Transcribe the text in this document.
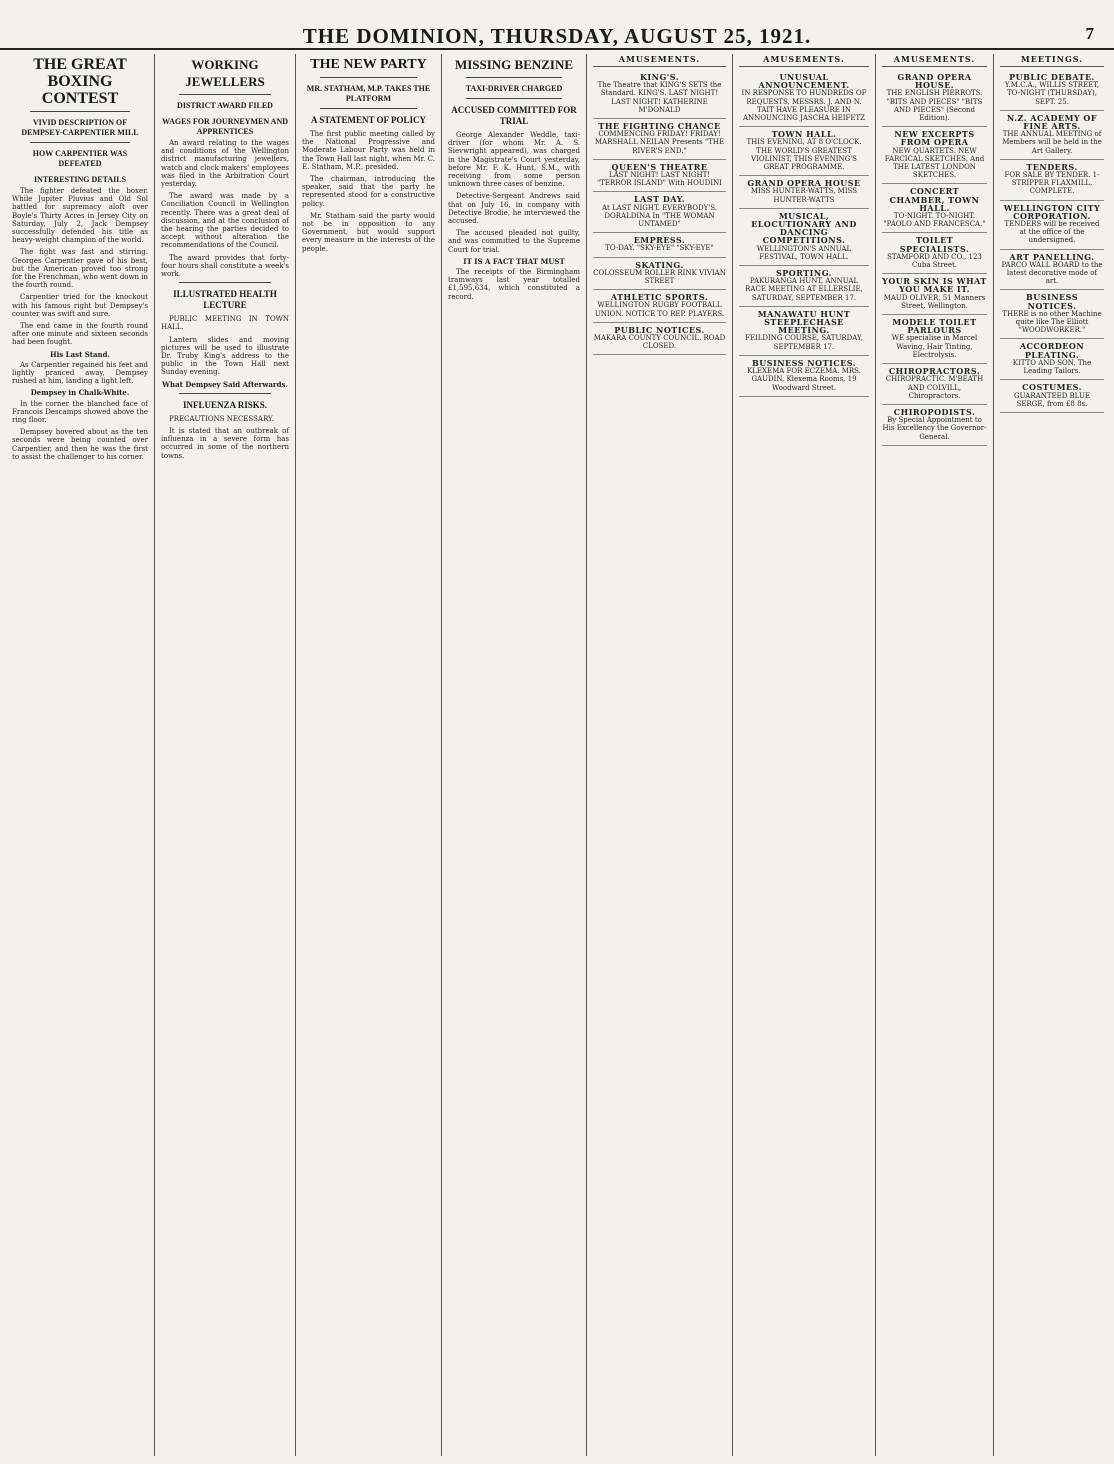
THE DOMINION, THURSDAY, AUGUST 25, 1921.	7
THE GREAT BOXING CONTEST
VIVID DESCRIPTION OF DEMPSEY-CARPENTIER MILL
HOW CARPENTIER WAS DEFEATED
INTERESTING DETAILS

The fighter defeated the boxer. While Jupiter Pluvius and Old Sol battled for supremacy aloft over Boyle's Thirty Acres in Jersey City on Saturday, July 2, Jack Dempsey successfully defended his title as heavy-weight champion of the world.

The fight was fast and stirring. Georges Carpentier gave of his best, but the American proved too strong for the Frenchman, who went down in the fourth round.

Carpentier tried for the knockout with his famous right but Dempsey's counter was swift and sure.

The end came in the fourth round after one minute and sixteen seconds had been fought.

His Last Stand.

As Carpentier regained his feet and lightly pranced away, Dempsey rushed at him, landing a light left.

Dempsey in Chalk-White.

In the corner the blanched face of Francois Descamps showed above the ring floor.

Dempsey hovered about as the ten seconds were being counted over Carpentier, and then he was the first to assist the challenger to his corner.

WORKING JEWELLERS
DISTRICT AWARD FILED
WAGES FOR JOURNEYMEN AND APPRENTICES

An award relating to the wages and conditions of the Wellington district manufacturing jewellers, watch and clock makers' employees was filed in the Arbitration Court yesterday.

The award was made by a Conciliation Council in Wellington recently. There was a great deal of discussion, and at the conclusion of the hearing the parties decided to accept without alteration the recommendations of the Council.

The award provides that forty-four hours shall constitute a week's work.

ILLUSTRATED HEALTH LECTURE

PUBLIC MEETING IN TOWN HALL.

Lantern slides and moving pictures will be used to illustrate Dr. Truby King's address to the public in the Town Hall next Sunday evening.

What Dempsey Said Afterwards.
INFLUENZA RISKS.

PRECAUTIONS NECESSARY.

It is stated that an outbreak of influenza in a severe form has occurred in some of the northern towns.

THE NEW PARTY
MR. STATHAM, M.P. TAKES THE PLATFORM
A STATEMENT OF POLICY

The first public meeting called by the National Progressive and Moderate Labour Party was held in the Town Hall last night, when Mr. C. E. Statham, M.P., presided.

The chairman, introducing the speaker, said that the party he represented stood for a constructive policy.

Mr. Statham said the party would not be in opposition to any Government, but would support every measure in the interests of the people.

MISSING BENZINE
TAXI-DRIVER CHARGED
ACCUSED COMMITTED FOR TRIAL

George Alexander Weddle, taxi-driver (for whom Mr. A. S. Sievwright appeared), was charged in the Magistrate's Court yesterday, before Mr. F. K. Hunt, S.M., with receiving from some person unknown three cases of benzine.

Detective-Sergeant Andrews said that on July 16, in company with Detective Brodie, he interviewed the accused.

The accused pleaded not guilty, and was committed to the Supreme Court for trial.

IT IS A FACT THAT MUST

The receipts of the Birmingham tramways last year totalled £1,595,634, which constituted a record.

AMUSEMENTS.
KING'S.
The Theatre that KING'S SETS the Standard. KING'S. LAST NIGHT! LAST NIGHT! KATHERINE M'DONALD
THE FIGHTING CHANCE
COMMENCING FRIDAY! FRIDAY! MARSHALL NEILAN Presents "THE RIVER'S END."
QUEEN'S THEATRE
LAST NIGHT! LAST NIGHT! "TERROR ISLAND" With HOUDINI
LAST DAY.
At LAST NIGHT. EVERYBODY'S. DORALDINA In "THE WOMAN UNTAMED"
EMPRESS.
TO-DAY. "SKY-EYE" "SKY-EYE"
SKATING.
COLOSSEUM ROLLER RINK VIVIAN STREET
ATHLETIC SPORTS.
WELLINGTON RUGBY FOOTBALL UNION. NOTICE TO REP. PLAYERS.
PUBLIC NOTICES.
MAKARA COUNTY COUNCIL. ROAD CLOSED.
AMUSEMENTS.
UNUSUAL ANNOUNCEMENT.
IN RESPONSE TO HUNDREDS OF REQUESTS, MESSRS. J. AND N. TAIT HAVE PLEASURE IN ANNOUNCING JASCHA HEIFETZ
TOWN HALL.
THIS EVENING, AT 8 O'CLOCK. THE WORLD'S GREATEST VIOLINIST, THIS EVENING'S GREAT PROGRAMME.
GRAND OPERA HOUSE
MISS HUNTER-WATTS, MISS HUNTER-WATTS
MUSICAL, ELOCUTIONARY AND DANCING COMPETITIONS.
WELLINGTON'S ANNUAL FESTIVAL, TOWN HALL.
SPORTING.
PAKURANGA HUNT, ANNUAL RACE MEETING AT ELLERSLIE, SATURDAY, SEPTEMBER 17.
MANAWATU HUNT STEEPLECHASE MEETING.
FEILDING COURSE, SATURDAY, SEPTEMBER 17.
BUSINESS NOTICES.
KLEXEMA FOR ECZEMA. MRS. GAUDIN, Klexema Rooms, 19 Woodward Street.
AMUSEMENTS.
GRAND OPERA HOUSE.
THE ENGLISH PIERROTS. "BITS AND PIECES" "BITS AND PIECES" (Second Edition).
NEW EXCERPTS FROM OPERA
NEW QUARTETS. NEW FARCICAL SKETCHES, And THE LATEST LONDON SKETCHES.
CONCERT CHAMBER, TOWN HALL.
TO-NIGHT. TO-NIGHT. "PAOLO AND FRANCESCA."
TOILET SPECIALISTS.
STAMFORD AND CO., 123 Cuba Street.
YOUR SKIN IS WHAT YOU MAKE IT.
MAUD OLIVER, 51 Manners Street, Wellington.
MODELE TOILET PARLOURS
WE specialise in Marcel Waving, Hair Tinting, Electrolysis.
CHIROPRACTORS.
CHIROPRACTIC. M'BEATH AND COLVILL, Chiropractors.
CHIROPODISTS.
By Special Appointment to His Excellency the Governor-General.
MEETINGS.
PUBLIC DEBATE.
Y.M.C.A., WILLIS STREET, TO-NIGHT (THURSDAY), SEPT. 25.
N.Z. ACADEMY OF FINE ARTS.
THE ANNUAL MEETING of Members will be held in the Art Gallery.
TENDERS.
FOR SALE BY TENDER. 1-STRIPPER FLAXMILL, COMPLETE.
WELLINGTON CITY CORPORATION.
TENDERS will be received at the office of the undersigned.
ART PANELLING.
PARCO WALL BOARD to the latest decorative mode of art.
BUSINESS NOTICES.
THERE is no other Machine quite like The Elliott "WOODWORKER."
ACCORDEON PLEATING.
KITTO AND SON, The Leading Tailors.
COSTUMES.
GUARANTEED BLUE SERGE, from £8 8s.
